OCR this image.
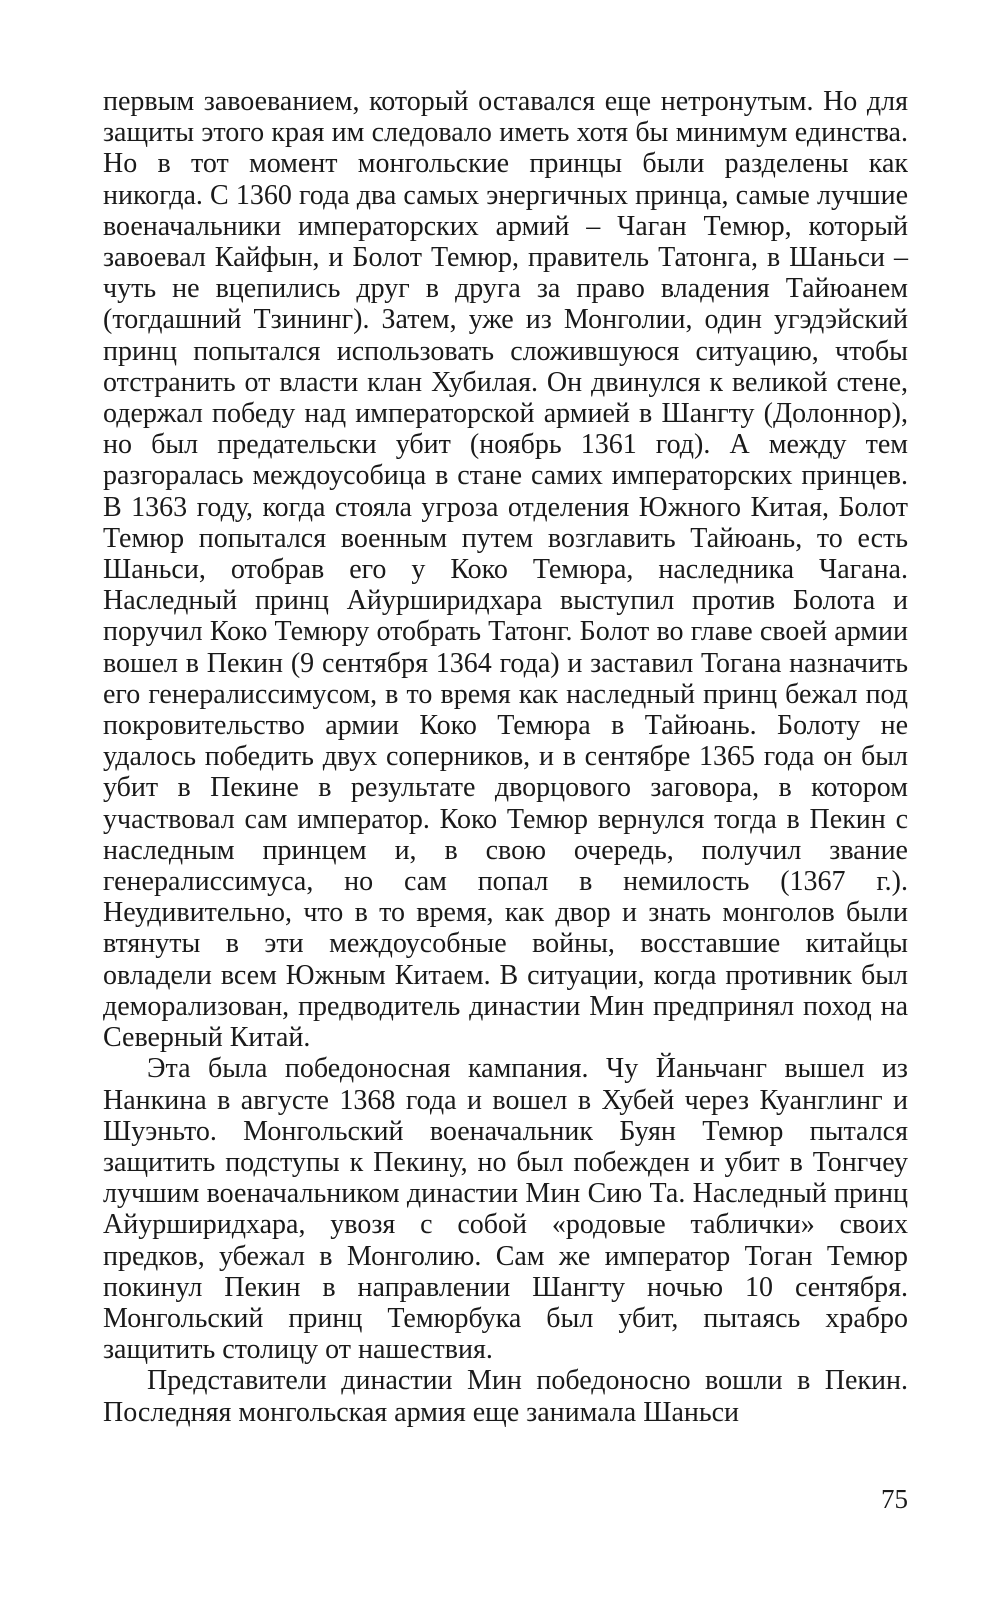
первым завоеванием, который оставался еще нетронутым. Но для защиты этого края им следовало иметь хотя бы минимум единства. Но в тот момент монгольские принцы были разделены как никогда. С 1360 года два самых энергичных принца, самые лучшие военачальники императорских армий – Чаган Темюр, который завоевал Кайфын, и Болот Темюр, правитель Татонга, в Шаньси – чуть не вцепились друг в друга за право владения Тайюанем (тогдашний Тзининг). Затем, уже из Монголии, один угэдэйский принц попытался использовать сложившуюся ситуацию, чтобы отстранить от власти клан Хубилая. Он двинулся к великой стене, одержал победу над императорской армией в Шангту (Долоннор), но был предательски убит (ноябрь 1361 год). А между тем разгоралась междоусобица в стане самих императорских принцев. В 1363 году, когда стояла угроза отделения Южного Китая, Болот Темюр попытался военным путем возглавить Тайюань, то есть Шаньси, отобрав его у Коко Темюра, наследника Чагана. Наследный принц Айурширидхара выступил против Болота и поручил Коко Темюру отобрать Татонг. Болот во главе своей армии вошел в Пекин (9 сентября 1364 года) и заставил Тогана назначить его генералиссимусом, в то время как наследный принц бежал под покровительство армии Коко Темюра в Тайюань. Болоту не удалось победить двух соперников, и в сентябре 1365 года он был убит в Пекине в результате дворцового заговора, в котором участвовал сам император. Коко Темюр вернулся тогда в Пекин с наследным принцем и, в свою очередь, получил звание генералиссимуса, но сам попал в немилость (1367 г.). Неудивительно, что в то время, как двор и знать монголов были втянуты в эти междоусобные войны, восставшие китайцы овладели всем Южным Китаем. В ситуации, когда противник был деморализован, предводитель династии Мин предпринял поход на Северный Китай.

Эта была победоносная кампания. Чу Йаньчанг вышел из Нанкина в августе 1368 года и вошел в Хубей через Куанглинг и Шуэньто. Монгольский военачальник Буян Темюр пытался защитить подступы к Пекину, но был побежден и убит в Тонгчеу лучшим военачальником династии Мин Сию Та. Наследный принц Айурширидхара, увозя с собой «родовые таблички» своих предков, убежал в Монголию. Сам же император Тоган Темюр покинул Пекин в направлении Шангту ночью 10 сентября. Монгольский принц Темюрбука был убит, пытаясь храбро защитить столицу от нашествия.

Представители династии Мин победоносно вошли в Пекин. Последняя монгольская армия еще занимала Шаньси

75
